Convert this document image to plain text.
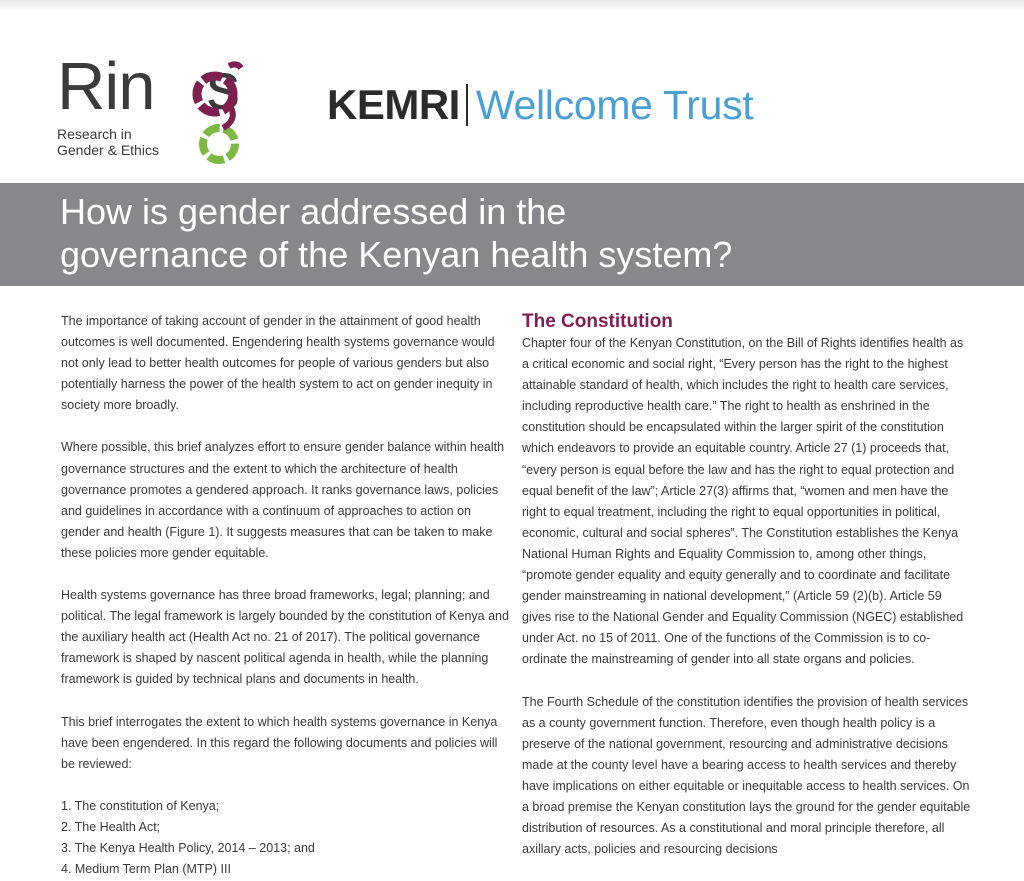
Rin s
Research in
Gender & Ethics
KEMRI Wellcome Trust
How is gender addressed in the
governance of the Kenyan health system?

The importance of taking account of gender in the attainment of good health outcomes is well documented. Engendering health systems governance would not only lead to better health outcomes for people of various genders but also potentially harness the power of the health system to act on gender inequity in society more broadly.

Where possible, this brief analyzes effort to ensure gender balance within health governance structures and the extent to which the architecture of health governance promotes a gendered approach. It ranks governance laws, policies and guidelines in accordance with a continuum of approaches to action on gender and health (Figure 1). It suggests measures that can be taken to make these policies more gender equitable.

Health systems governance has three broad frameworks, legal; planning; and political. The legal framework is largely bounded by the constitution of Kenya and the auxiliary health act (Health Act no. 21 of 2017). The political governance framework is shaped by nascent political agenda in health, while the planning framework is guided by technical plans and documents in health.

This brief interrogates the extent to which health systems governance in Kenya have been engendered. In this regard the following documents and policies will be reviewed:

1. The constitution of Kenya;
2. The Health Act;
3. The Kenya Health Policy, 2014 – 2013; and
4. Medium Term Plan (MTP) III
The Constitution

Chapter four of the Kenyan Constitution, on the Bill of Rights identifies health as a critical economic and social right, “Every person has the right to the highest attainable standard of health, which includes the right to health care services, including reproductive health care.” The right to health as enshrined in the constitution should be encapsulated within the larger spirit of the constitution which endeavors to provide an equitable country. Article 27 (1) proceeds that, “every person is equal before the law and has the right to equal protection and equal benefit of the law”; Article 27(3) affirms that, “women and men have the right to equal treatment, including the right to equal opportunities in political, economic, cultural and social spheres”. The Constitution establishes the Kenya National Human Rights and Equality Commission to, among other things, “promote gender equality and equity generally and to coordinate and facilitate gender mainstreaming in national development,” (Article 59 (2)(b). Article 59 gives rise to the National Gender and Equality Commission (NGEC) established under Act. no 15 of 2011. One of the functions of the Commission is to co-ordinate the mainstreaming of gender into all state organs and policies.

The Fourth Schedule of the constitution identifies the provision of health services as a county government function. Therefore, even though health policy is a preserve of the national government, resourcing and administrative decisions made at the county level have a bearing access to health services and thereby have implications on either equitable or inequitable access to health services. On a broad premise the Kenyan constitution lays the ground for the gender equitable distribution of resources. As a constitutional and moral principle therefore, all axillary acts, policies and resourcing decisions
